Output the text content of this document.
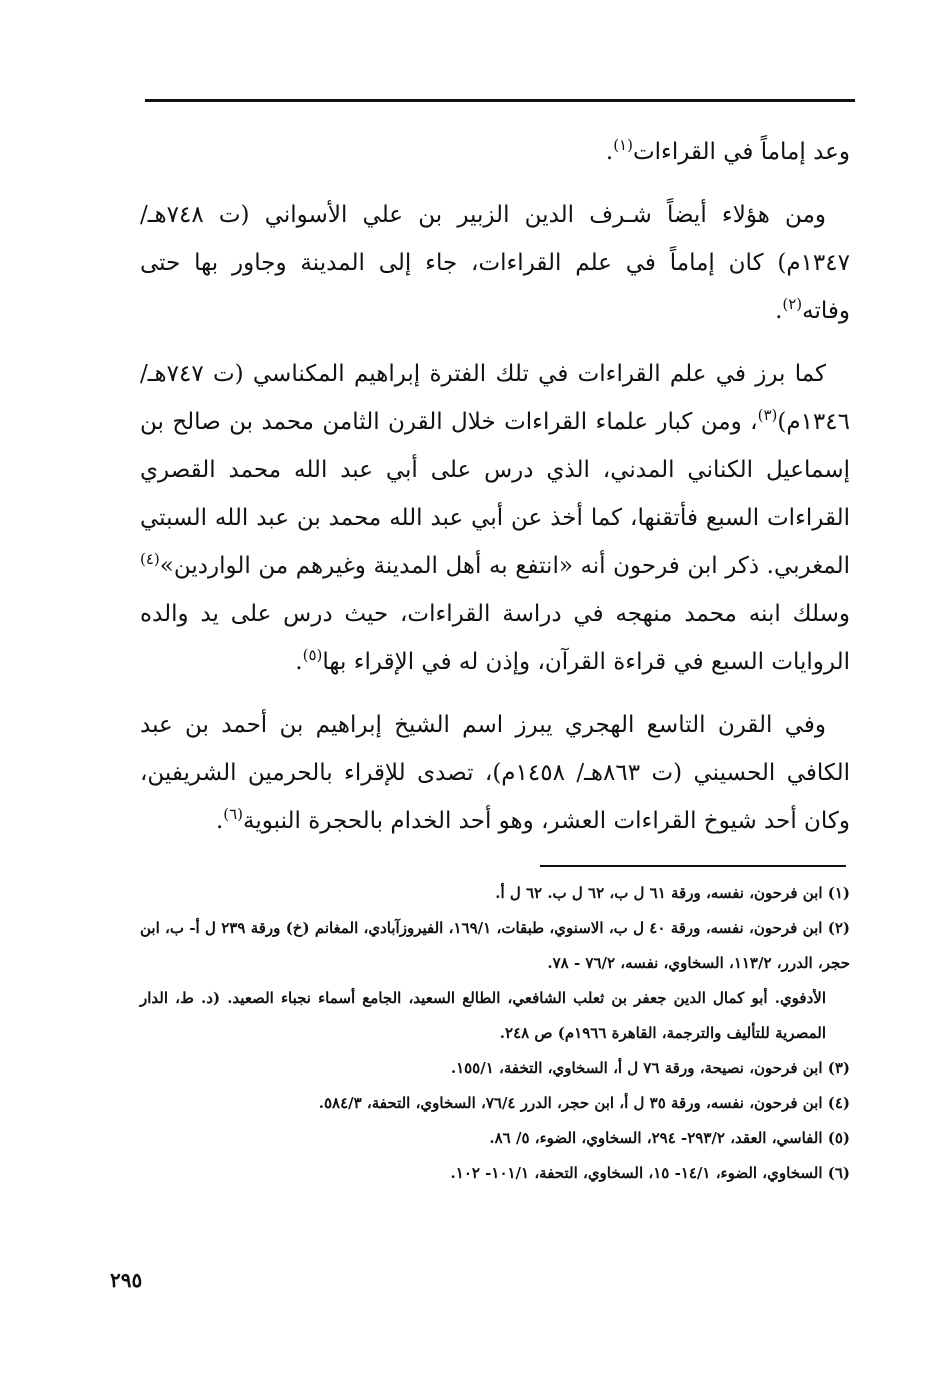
وعد إماماً في القراءات$^{(١)}$.

ومن هؤلاء أيضاً شـرف الدين الزبير بن علي الأسواني (ت ٧٤٨هـ/ ١٣٤٧م) كان إماماً في علم القراءات، جاء إلى المدينة وجاور بها حتى وفاته$^{(٢)}$.

كما برز في علم القراءات في تلك الفترة إبراهيم المكناسي (ت ٧٤٧هـ/ ١٣٤٦م)$^{(٣)}$، ومن كبار علماء القراءات خلال القرن الثامن محمد بن صالح بن إسماعيل الكناني المدني، الذي درس على أبي عبد الله محمد القصري القراءات السبع فأتقنها، كما أخذ عن أبي عبد الله محمد بن عبد الله السبتي المغربي. ذكر ابن فرحون أنه «انتفع به أهل المدينة وغيرهم من الواردين»$^{(٤)}$ وسلك ابنه محمد منهجه في دراسة القراءات، حيث درس على يد والده الروايات السبع في قراءة القرآن، وإذن له في الإقراء بها$^{(٥)}$.

وفي القرن التاسع الهجري يبرز اسم الشيخ إبراهيم بن أحمد بن عبد الكافي الحسيني (ت ٨٦٣هـ/ ١٤٥٨م)، تصدى للإقراء بالحرمين الشريفين، وكان أحد شيوخ القراءات العشر، وهو أحد الخدام بالحجرة النبوية$^{(٦)}$.

(١) ابن فرحون، نفسه، ورقة ٦١ ل ب، ٦٢ ل ب. ٦٢ ل أ.

(٢) ابن فرحون، نفسه، ورقة ٤٠ ل ب، الاسنوي، طبقات، ١٦٩/١، الفيروزآبادي، المغانم (خ) ورقة ٢٣٩ ل أ- ب، ابن حجر، الدرر، ١١٣/٢، السخاوي، نفسه، ٧٦/٢ - ٧٨.

الأدفوي. أبو كمال الدين جعفر بن ثعلب الشافعي، الطالع السعيد، الجامع أسماء نجباء الصعيد. (د. ط، الدار المصرية للتأليف والترجمة، القاهرة ١٩٦٦م) ص ٢٤٨.

(٣) ابن فرحون، نصيحة، ورقة ٧٦ ل أ، السخاوي، التخفة، ١٥٥/١.

(٤) ابن فرحون، نفسه، ورقة ٣٥ ل أ، ابن حجر، الدرر ٧٦/٤، السخاوي، التحفة، ٥٨٤/٣.

(٥) الفاسي، العقد، ٢٩٣/٢- ٢٩٤، السخاوي، الضوء، ٥/ ٨٦.

(٦) السخاوي، الضوء، ١٤/١- ١٥، السخاوي، التحفة، ١٠١/١- ١٠٢.

٢٩٥
